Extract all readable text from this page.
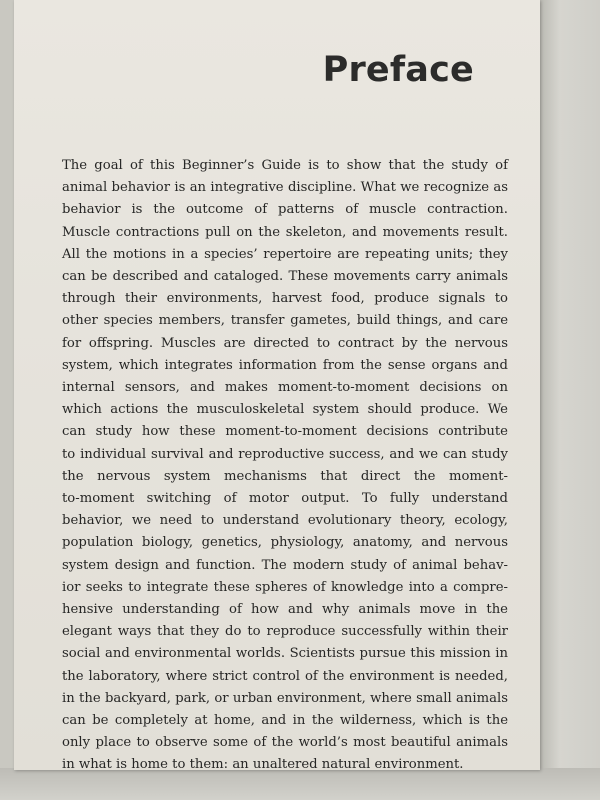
Preface

The goal of this Beginner’s Guide is to show that the study of
animal behavior is an integrative discipline. What we recognize as
behavior is the outcome of patterns of muscle contraction.
Muscle contractions pull on the skeleton, and movements result.
All the motions in a species’ repertoire are repeating units; they
can be described and cataloged. These movements carry animals
through their environments, harvest food, produce signals to
other species members, transfer gametes, build things, and care
for offspring. Muscles are directed to contract by the nervous
system, which integrates information from the sense organs and
internal sensors, and makes moment-to-moment decisions on
which actions the musculoskeletal system should produce. We
can study how these moment-to-moment decisions contribute
to individual survival and reproductive success, and we can study
the nervous system mechanisms that direct the moment-
to-moment switching of motor output. To fully understand
behavior, we need to understand evolutionary theory, ecology,
population biology, genetics, physiology, anatomy, and nervous
system design and function. The modern study of animal behav-
ior seeks to integrate these spheres of knowledge into a compre-
hensive understanding of how and why animals move in the
elegant ways that they do to reproduce successfully within their
social and environmental worlds. Scientists pursue this mission in
the laboratory, where strict control of the environment is needed,
in the backyard, park, or urban environment, where small animals
can be completely at home, and in the wilderness, which is the
only place to observe some of the world’s most beautiful animals
in what is home to them: an unaltered natural environment.
